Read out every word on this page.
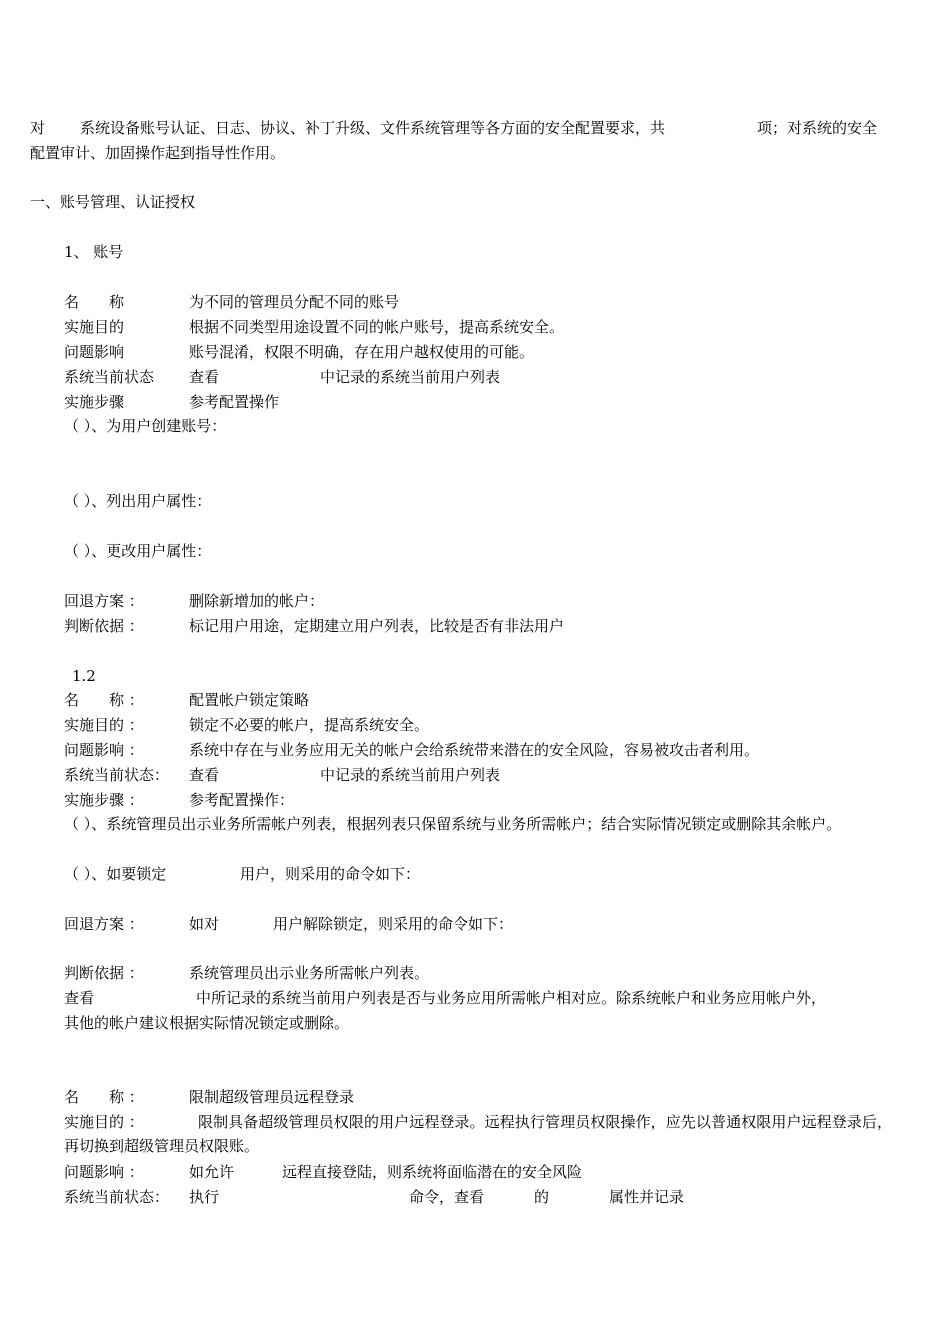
对 系统设备账号认证、日志、协议、补丁升级、文件系统管理等各方面的安全配置要求，共	项；对系统的安全
配置审计、加固操作起到指导性作用。
一、账号管理、认证授权
1、 账号
名　　称	为不同的管理员分配不同的账号
实施目的	根据不同类型用途设置不同的帐户账号，提高系统安全。
问题影响	账号混淆，权限不明确，存在用户越权使用的可能。
系统当前状态 查看	中记录的系统当前用户列表
实施步骤	参考配置操作
（ ）、为用户创建账号：
（ ）、列出用户属性：
（ ）、更改用户属性：
回退方案 ：	删除新增加的帐户：
判断依据 ：	标记用户用途，定期建立用户列表，比较是否有非法用户
1.2
名　　称 ：	配置帐户锁定策略
实施目的 ：	锁定不必要的帐户，提高系统安全。
问题影响 ：	系统中存在与业务应用无关的帐户会给系统带来潜在的安全风险，容易被攻击者利用。
系统当前状态： 查看	中记录的系统当前用户列表
实施步骤 ：	参考配置操作：
（ ）、系统管理员出示业务所需帐户列表，根据列表只保留系统与业务所需帐户；结合实际情况锁定或删除其余帐户。
（ ）、如要锁定	用户，则采用的命令如下：
回退方案 ：	如对	用户解除锁定，则采用的命令如下：
判断依据 ：	系统管理员出示业务所需帐户列表。
查看	中所记录的系统当前用户列表是否与业务应用所需帐户相对应。除系统帐户和业务应用帐户外，
其他的帐户建议根据实际情况锁定或删除。
名　　称 ：	限制超级管理员远程登录
实施目的 ：	限制具备超级管理员权限的用户远程登录。远程执行管理员权限操作，应先以普通权限用户远程登录后，再切换到超级管理员权限账。
问题影响 ：	如允许	远程直接登陆，则系统将面临潜在的安全风险
系统当前状态： 执行	命令，查看	的	属性并记录
